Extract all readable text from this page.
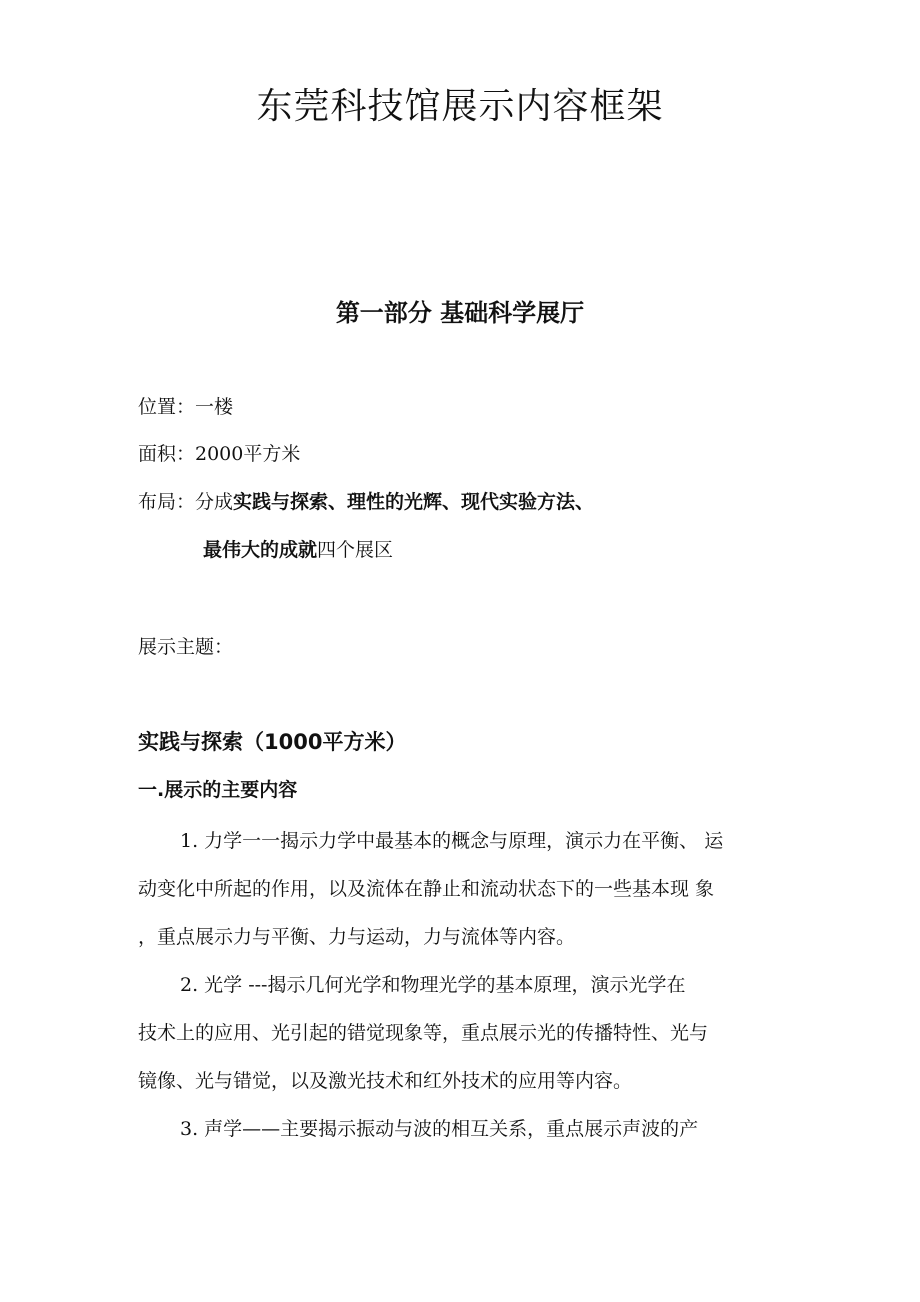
东莞科技馆展示内容框架
第一部分 基础科学展厅
位置：一楼
面积：2000平方米
布局：分成实践与探索、理性的光辉、现代实验方法、
最伟大的成就四个展区
展示主题：
实践与探索（1000平方米）
一.展示的主要内容
1. 力学一一揭示力学中最基本的概念与原理，演示力在平衡、 运
动变化中所起的作用，以及流体在静止和流动状态下的一些基本现 象
，重点展示力与平衡、力与运动，力与流体等内容。
2. 光学 ---揭示几何光学和物理光学的基本原理，演示光学在
技术上的应用、光引起的错觉现象等，重点展示光的传播特性、光与
镜像、光与错觉，以及激光技术和红外技术的应用等内容。
3. 声学——主要揭示振动与波的相互关系，重点展示声波的产
